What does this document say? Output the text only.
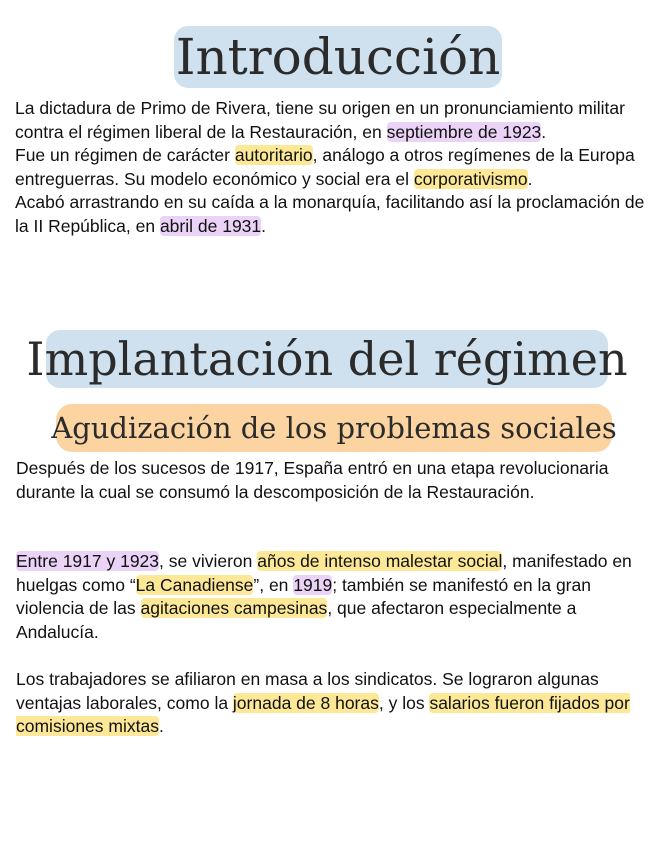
Introducción
La dictadura de Primo de Rivera, tiene su origen en un pronunciamiento militar contra el régimen liberal de la Restauración, en septiembre de 1923.
Fue un régimen de carácter autoritario, análogo a otros regímenes de la Europa entreguerras. Su modelo económico y social era el corporativismo.
Acabó arrastrando en su caída a la monarquía, facilitando así la proclamación de la II República, en abril de 1931.
Implantación del régimen
Agudización de los problemas sociales
Después de los sucesos de 1917, España entró en una etapa revolucionaria durante la cual se consumó la descomposición de la Restauración.
Entre 1917 y 1923, se vivieron años de intenso malestar social, manifestado en huelgas como “La Canadiense”, en 1919; también se manifestó en la gran violencia de las agitaciones campesinas, que afectaron especialmente a Andalucía.
Los trabajadores se afiliaron en masa a los sindicatos. Se lograron algunas ventajas laborales, como la jornada de 8 horas, y los salarios fueron fijados por comisiones mixtas.
